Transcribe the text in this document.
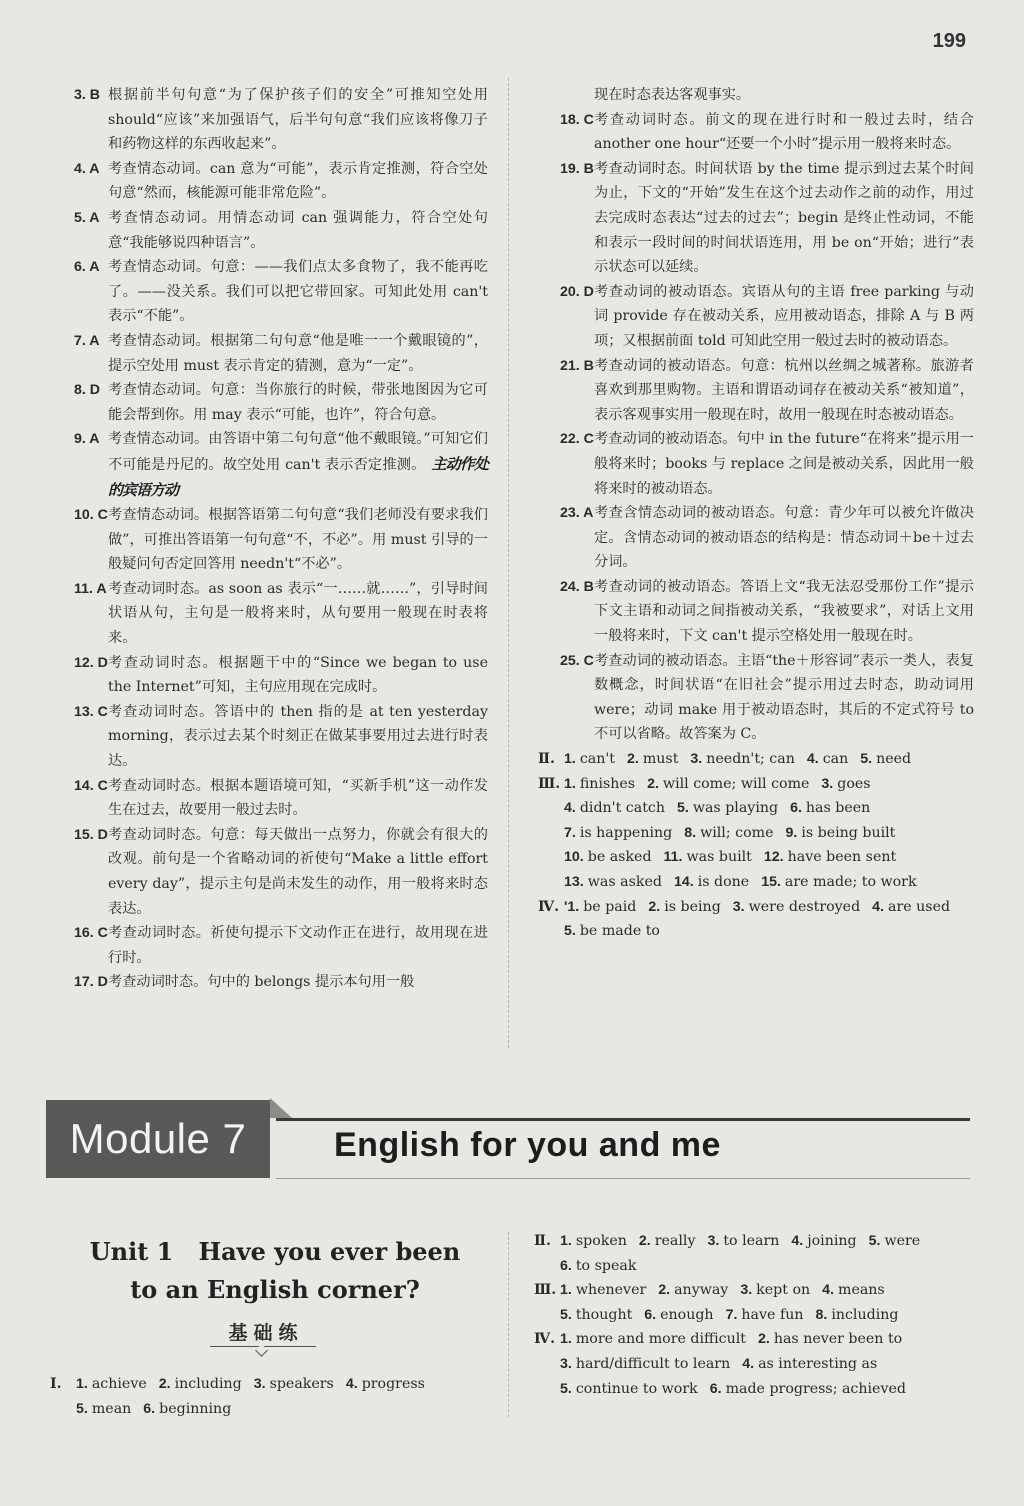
199
3. B 根据前半句句意“为了保护孩子们的安全”可推知空处用 should“应该”来加强语气，后半句句意“我们应该将像刀子和药物这样的东西收起来”。
4. A 考查情态动词。can 意为“可能”，表示肯定推测，符合空处句意“然而，核能源可能非常危险”。
5. A 考查情态动词。用情态动词 can 强调能力，符合空处句意“我能够说四种语言”。
6. A 考查情态动词。句意：——我们点太多食物了，我不能再吃了。——没关系。我们可以把它带回家。可知此处用 can't 表示“不能”。
7. A 考查情态动词。根据第二句句意“他是唯一一个戴眼镜的”，提示空处用 must 表示肯定的猜测，意为“一定”。
8. D 考查情态动词。句意：当你旅行的时候，带张地图因为它可能会帮到你。用 may 表示“可能，也许”，符合句意。
9. A 考查情态动词。由答语中第二句句意“他不戴眼镜。”可知它们不可能是丹尼的。故空处用 can't 表示否定推测。 主动作处的宾语方动
10. C 考查情态动词。根据答语第二句句意“我们老师没有要求我们做”，可推出答语第一句句意“不，不必”。用 must 引导的一般疑问句否定回答用 needn't“不必”。
11. A 考查动词时态。as soon as 表示“一……就……”，引导时间状语从句，主句是一般将来时，从句要用一般现在时表将来。
12. D 考查动词时态。根据题干中的“Since we began to use the Internet”可知，主句应用现在完成时。
13. C 考查动词时态。答语中的 then 指的是 at ten yesterday morning，表示过去某个时刻正在做某事要用过去进行时表达。
14. C 考查动词时态。根据本题语境可知，“买新手机”这一动作发生在过去，故要用一般过去时。
15. D 考查动词时态。句意：每天做出一点努力，你就会有很大的改观。前句是一个省略动词的祈使句“Make a little effort every day”，提示主句是尚未发生的动作，用一般将来时态表达。
16. C 考查动词时态。祈使句提示下文动作正在进行，故用现在进行时。
17. D 考查动词时态。句中的 belongs 提示本句用一般
现在时态表达客观事实。
18. C 考查动词时态。前文的现在进行时和一般过去时，结合 another one hour“还要一个小时”提示用一般将来时态。
19. B 考查动词时态。时间状语 by the time 提示到过去某个时间为止，下文的“开始”发生在这个过去动作之前的动作，用过去完成时态表达“过去的过去”；begin 是终止性动词，不能和表示一段时间的时间状语连用，用 be on“开始；进行”表示状态可以延续。
20. D 考查动词的被动语态。宾语从句的主语 free parking 与动词 provide 存在被动关系，应用被动语态，排除 A 与 B 两项；又根据前面 told 可知此空用一般过去时的被动语态。
21. B 考查动词的被动语态。句意：杭州以丝绸之城著称。旅游者喜欢到那里购物。主语和谓语动词存在被动关系“被知道”，表示客观事实用一般现在时，故用一般现在时态被动语态。
22. C 考查动词的被动语态。句中 in the future“在将来”提示用一般将来时；books 与 replace 之间是被动关系，因此用一般将来时的被动语态。
23. A 考查含情态动词的被动语态。句意：青少年可以被允许做决定。含情态动词的被动语态的结构是：情态动词＋be＋过去分词。
24. B 考查动词的被动语态。答语上文“我无法忍受那份工作”提示下文主语和动词之间指被动关系，“我被要求”，对话上文用一般将来时，下文 can't 提示空格处用一般现在时。
25. C 考查动词的被动语态。主语“the＋形容词”表示一类人，表复数概念，时间状语“在旧社会”提示用过去时态，助动词用 were；动词 make 用于被动语态时，其后的不定式符号 to 不可以省略。故答案为 C。
Ⅱ. 1. can't 2. must 3. needn't; can 4. can 5. need
Ⅲ. 1. finishes 2. will come; will come 3. goes
4. didn't catch 5. was playing 6. has been
7. is happening 8. will; come 9. is being built
10. be asked 11. was built 12. have been sent
13. was asked 14. is done 15. are made; to work
Ⅳ. '1. be paid 2. is being 3. were destroyed 4. are used
5. be made to
Module 7	English for you and me
Unit 1   Have you ever been
to an English corner?
基础练
Ⅰ. 1. achieve 2. including 3. speakers 4. progress
5. mean 6. beginning
Ⅱ. 1. spoken 2. really 3. to learn 4. joining 5. were
6. to speak
Ⅲ. 1. whenever 2. anyway 3. kept on 4. means
5. thought 6. enough 7. have fun 8. including
Ⅳ. 1. more and more difficult 2. has never been to
3. hard/difficult to learn 4. as interesting as
5. continue to work 6. made progress; achieved
